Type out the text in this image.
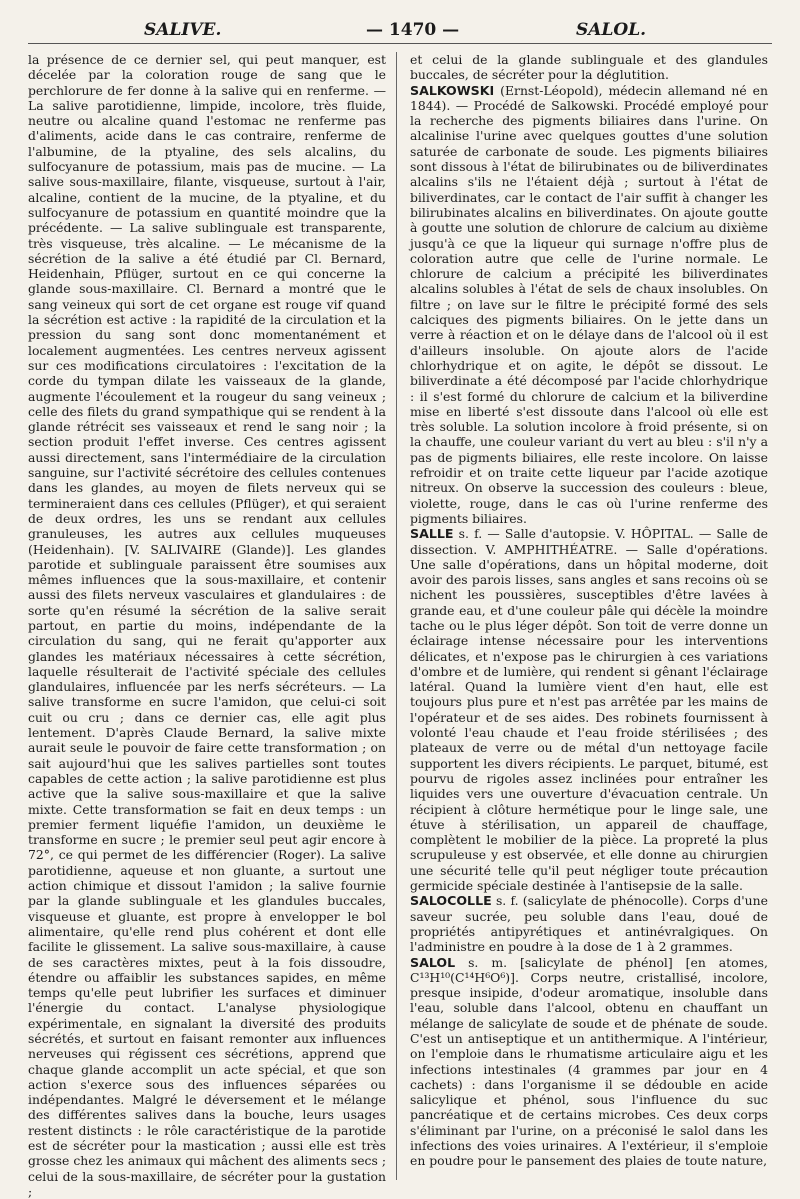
SALIVE.	— 1470 —	SALOL.

la présence de ce dernier sel, qui peut manquer, est décelée par la coloration rouge de sang que le perchlorure de fer donne à la salive qui en renferme. — La salive parotidienne, limpide, incolore, très fluide, neutre ou alcaline quand l'estomac ne renferme pas d'aliments, acide dans le cas contraire, renferme de l'albumine, de la ptyaline, des sels alcalins, du sulfocyanure de potassium, mais pas de mucine. — La salive sous-maxillaire, filante, visqueuse, surtout à l'air, alcaline, contient de la mucine, de la ptyaline, et du sulfocyanure de potassium en quantité moindre que la précédente. — La salive sublinguale est transparente, très visqueuse, très alcaline. — Le mécanisme de la sécrétion de la salive a été étudié par Cl. Bernard, Heidenhain, Pflüger, surtout en ce qui concerne la glande sous-maxillaire. Cl. Bernard a montré que le sang veineux qui sort de cet organe est rouge vif quand la sécrétion est active : la rapidité de la circulation et la pression du sang sont donc momentanément et localement augmentées. Les centres nerveux agissent sur ces modifications circulatoires : l'excitation de la corde du tympan dilate les vaisseaux de la glande, augmente l'écoulement et la rougeur du sang veineux ; celle des filets du grand sympathique qui se rendent à la glande rétrécit ses vaisseaux et rend le sang noir ; la section produit l'effet inverse. Ces centres agissent aussi directement, sans l'intermédiaire de la circulation sanguine, sur l'activité sécrétoire des cellules contenues dans les glandes, au moyen de filets nerveux qui se termineraient dans ces cellules (Pflüger), et qui seraient de deux ordres, les uns se rendant aux cellules granuleuses, les autres aux cellules muqueuses (Heidenhain). [V. SALIVAIRE (Glande)]. Les glandes parotide et sublinguale paraissent être soumises aux mêmes influences que la sous-maxillaire, et contenir aussi des filets nerveux vasculaires et glandulaires : de sorte qu'en résumé la sécrétion de la salive serait partout, en partie du moins, indépendante de la circulation du sang, qui ne ferait qu'apporter aux glandes les matériaux nécessaires à cette sécrétion, laquelle résulterait de l'activité spéciale des cellules glandulaires, influencée par les nerfs sécréteurs. — La salive transforme en sucre l'amidon, que celui-ci soit cuit ou cru ; dans ce dernier cas, elle agit plus lentement. D'après Claude Bernard, la salive mixte aurait seule le pouvoir de faire cette transformation ; on sait aujourd'hui que les salives partielles sont toutes capables de cette action ; la salive parotidienne est plus active que la salive sous-maxillaire et que la salive mixte. Cette transformation se fait en deux temps : un premier ferment liquéfie l'amidon, un deuxième le transforme en sucre ; le premier seul peut agir encore à 72°, ce qui permet de les différencier (Roger). La salive parotidienne, aqueuse et non gluante, a surtout une action chimique et dissout l'amidon ; la salive fournie par la glande sublinguale et les glandules buccales, visqueuse et gluante, est propre à envelopper le bol alimentaire, qu'elle rend plus cohérent et dont elle facilite le glissement. La salive sous-maxillaire, à cause de ses caractères mixtes, peut à la fois dissoudre, étendre ou affaiblir les substances sapides, en même temps qu'elle peut lubrifier les surfaces et diminuer l'énergie du contact. L'analyse physiologique expérimentale, en signalant la diversité des produits sécrétés, et surtout en faisant remonter aux influences nerveuses qui régissent ces sécrétions, apprend que chaque glande accomplit un acte spécial, et que son action s'exerce sous des influences séparées ou indépendantes. Malgré le déversement et le mélange des différentes salives dans la bouche, leurs usages restent distincts : le rôle caractéristique de la parotide est de sécréter pour la mastication ; aussi elle est très grosse chez les animaux qui mâchent des aliments secs ; celui de la sous-maxillaire, de sécréter pour la gustation ;

et celui de la glande sublinguale et des glandules buccales, de sécréter pour la déglutition.

SALKOWSKI (Ernst-Léopold), médecin allemand né en 1844). — Procédé de Salkowski. Procédé employé pour la recherche des pigments biliaires dans l'urine. On alcalinise l'urine avec quelques gouttes d'une solution saturée de carbonate de soude. Les pigments biliaires sont dissous à l'état de bilirubinates ou de biliverdinates alcalins s'ils ne l'étaient déjà ; surtout à l'état de biliverdinates, car le contact de l'air suffit à changer les bilirubinates alcalins en biliverdinates. On ajoute goutte à goutte une solution de chlorure de calcium au dixième jusqu'à ce que la liqueur qui surnage n'offre plus de coloration autre que celle de l'urine normale. Le chlorure de calcium a précipité les biliverdinates alcalins solubles à l'état de sels de chaux insolubles. On filtre ; on lave sur le filtre le précipité formé des sels calciques des pigments biliaires. On le jette dans un verre à réaction et on le délaye dans de l'alcool où il est d'ailleurs insoluble. On ajoute alors de l'acide chlorhydrique et on agite, le dépôt se dissout. Le biliverdinate a été décomposé par l'acide chlorhydrique : il s'est formé du chlorure de calcium et la biliverdine mise en liberté s'est dissoute dans l'alcool où elle est très soluble. La solution incolore à froid présente, si on la chauffe, une couleur variant du vert au bleu : s'il n'y a pas de pigments biliaires, elle reste incolore. On laisse refroidir et on traite cette liqueur par l'acide azotique nitreux. On observe la succession des couleurs : bleue, violette, rouge, dans le cas où l'urine renferme des pigments biliaires.

SALLE s. f. — Salle d'autopsie. V. HÔPITAL. — Salle de dissection. V. AMPHITHÉATRE. — Salle d'opérations. Une salle d'opérations, dans un hôpital moderne, doit avoir des parois lisses, sans angles et sans recoins où se nichent les poussières, susceptibles d'être lavées à grande eau, et d'une couleur pâle qui décèle la moindre tache ou le plus léger dépôt. Son toit de verre donne un éclairage intense nécessaire pour les interventions délicates, et n'expose pas le chirurgien à ces variations d'ombre et de lumière, qui rendent si gênant l'éclairage latéral. Quand la lumière vient d'en haut, elle est toujours plus pure et n'est pas arrêtée par les mains de l'opérateur et de ses aides. Des robinets fournissent à volonté l'eau chaude et l'eau froide stérilisées ; des plateaux de verre ou de métal d'un nettoyage facile supportent les divers récipients. Le parquet, bitumé, est pourvu de rigoles assez inclinées pour entraîner les liquides vers une ouverture d'évacuation centrale. Un récipient à clôture hermétique pour le linge sale, une étuve à stérilisation, un appareil de chauffage, complètent le mobilier de la pièce. La propreté la plus scrupuleuse y est observée, et elle donne au chirurgien une sécurité telle qu'il peut négliger toute précaution germicide spéciale destinée à l'antisepsie de la salle.

SALOCOLLE s. f. (salicylate de phénocolle). Corps d'une saveur sucrée, peu soluble dans l'eau, doué de propriétés antipyrétiques et antinévralgiques. On l'administre en poudre à la dose de 1 à 2 grammes.

SALOL s. m. [salicylate de phénol] [en atomes, C¹³H¹⁰(C¹⁴H⁶O⁶)]. Corps neutre, cristallisé, incolore, presque insipide, d'odeur aromatique, insoluble dans l'eau, soluble dans l'alcool, obtenu en chauffant un mélange de salicylate de soude et de phénate de soude. C'est un antiseptique et un antithermique. A l'intérieur, on l'emploie dans le rhumatisme articulaire aigu et les infections intestinales (4 grammes par jour en 4 cachets) : dans l'organisme il se dédouble en acide salicylique et phénol, sous l'influence du suc pancréatique et de certains microbes. Ces deux corps s'éliminant par l'urine, on a préconisé le salol dans les infections des voies urinaires. A l'extérieur, il s'emploie en poudre pour le pansement des plaies de toute nature,
